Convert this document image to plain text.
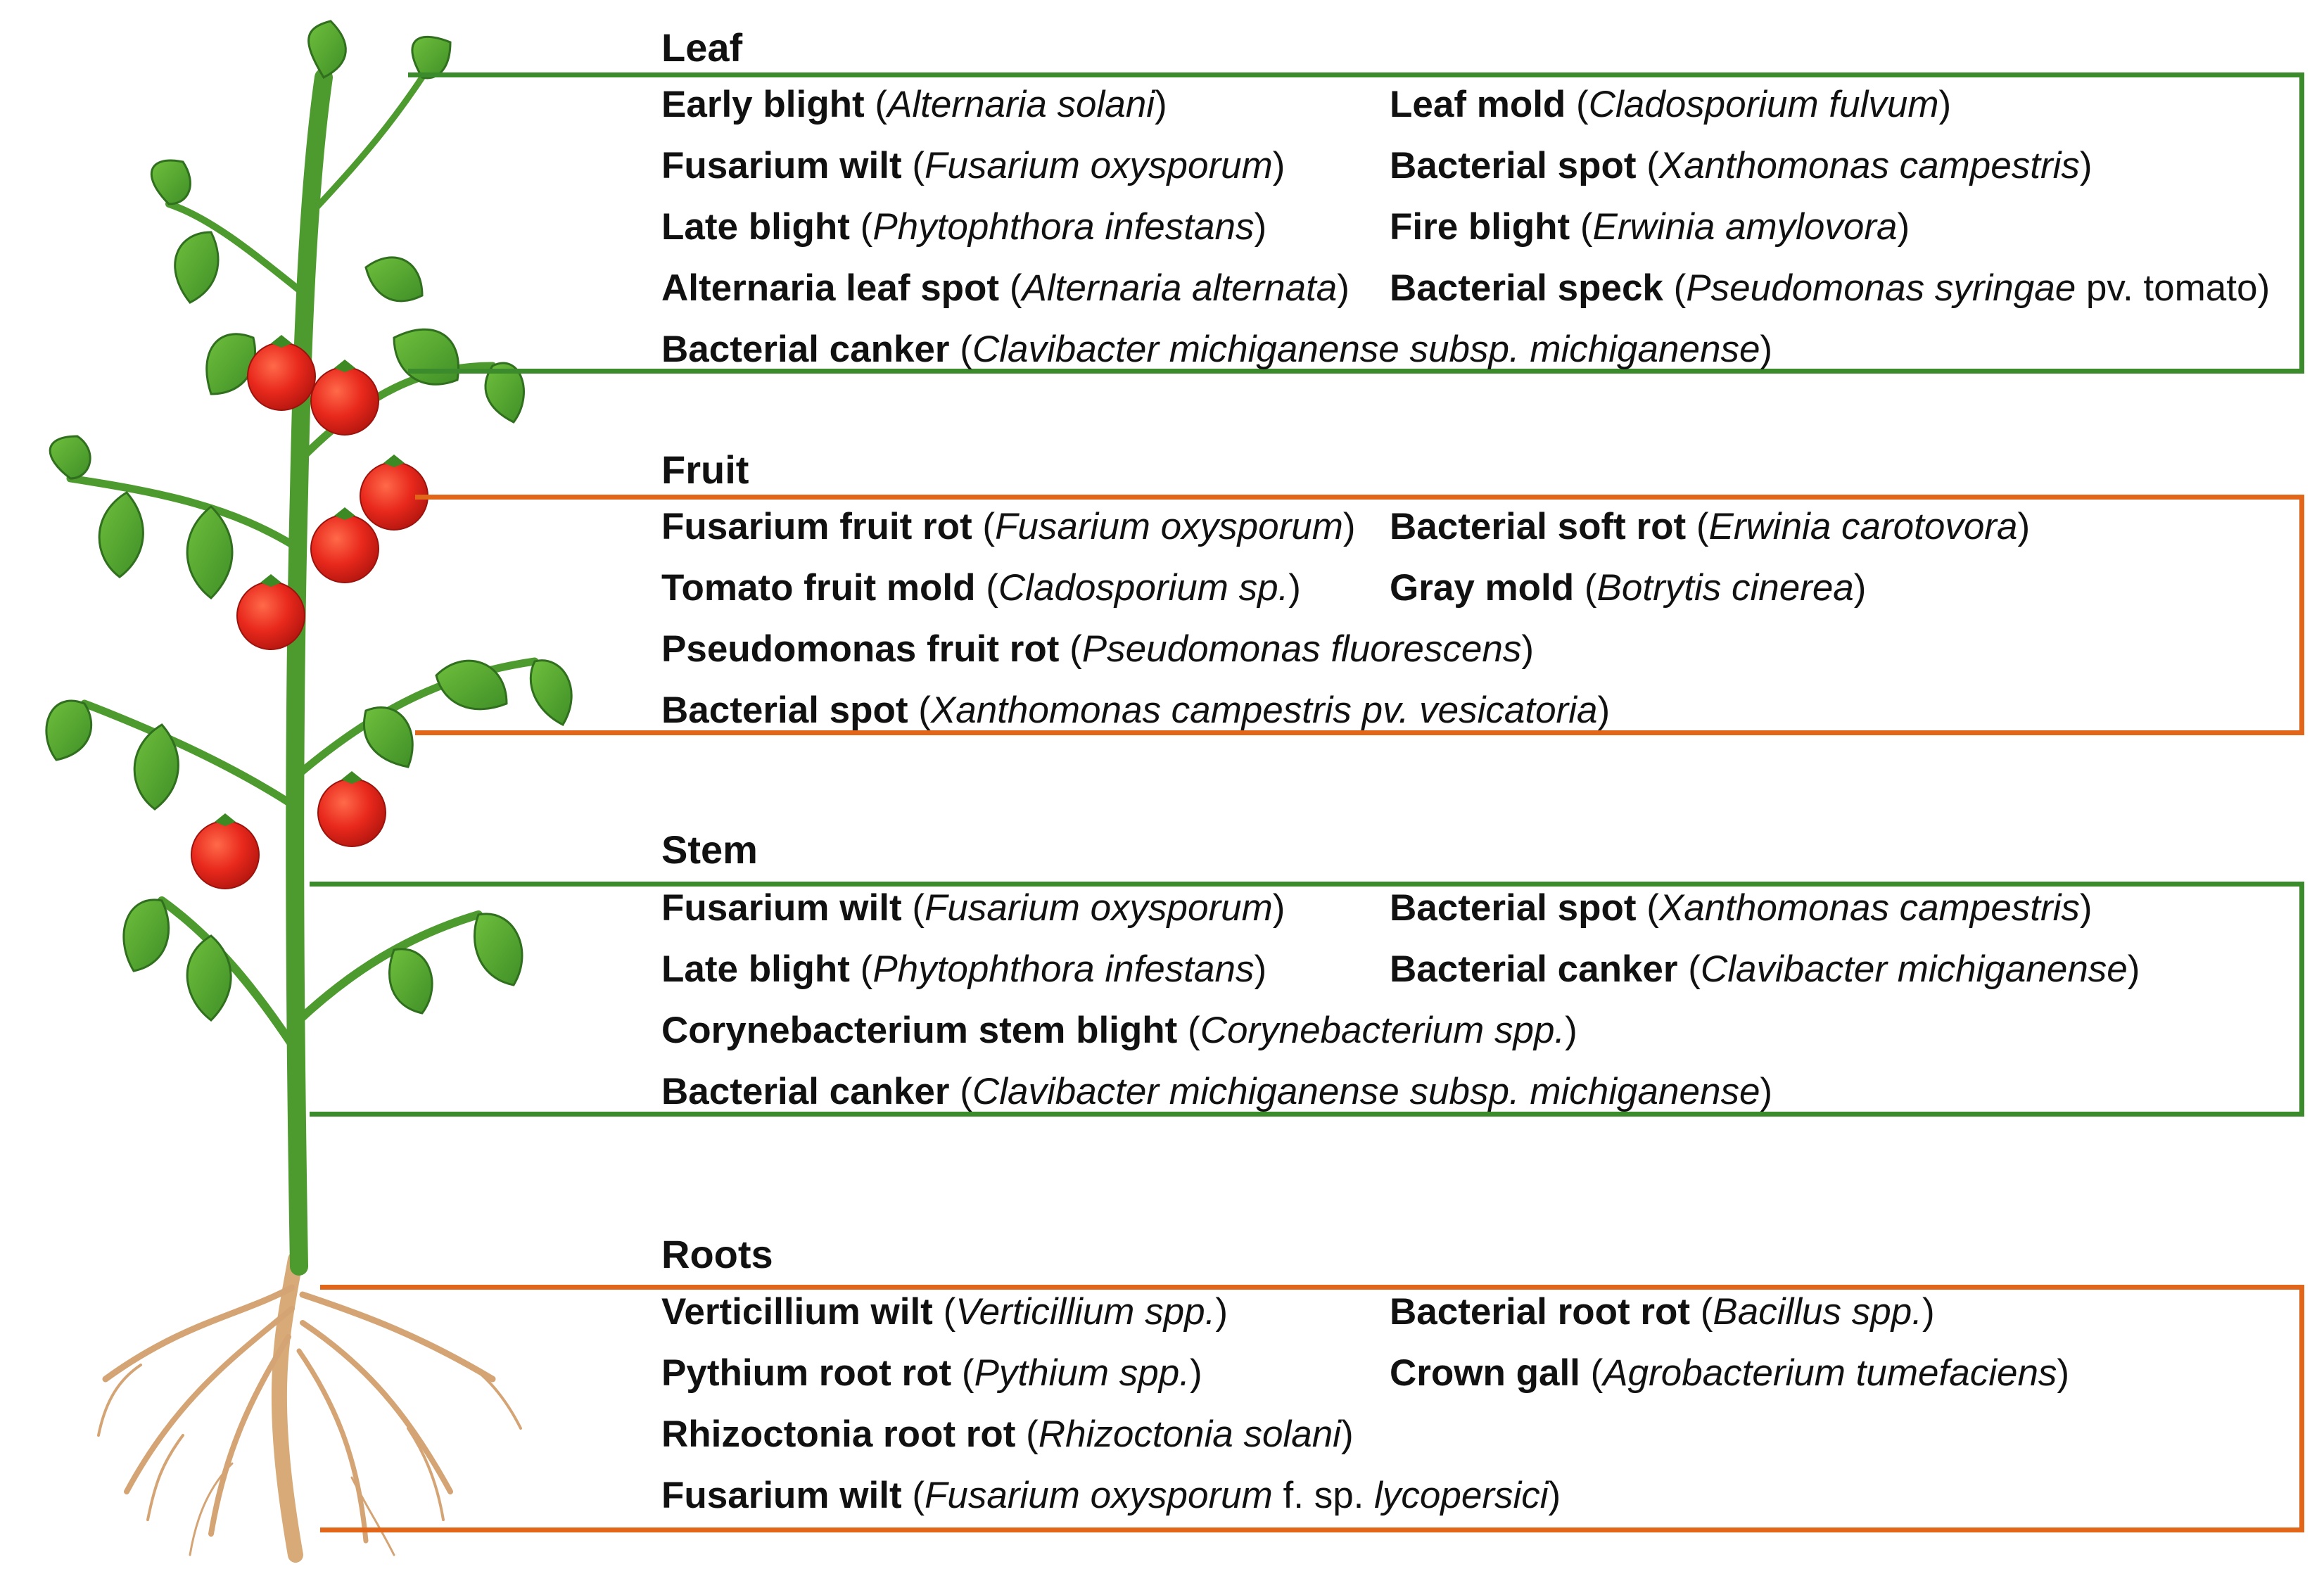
Leaf
Early blight (Alternaria solani)
Fusarium wilt (Fusarium oxysporum)
Late blight (Phytophthora infestans)
Alternaria leaf spot (Alternaria alternata)
Leaf mold (Cladosporium fulvum)
Bacterial spot (Xanthomonas campestris)
Fire blight (Erwinia amylovora)
Bacterial speck (Pseudomonas syringae pv. tomato)
Bacterial canker (Clavibacter michiganense subsp. michiganense)
Fruit
Fusarium fruit rot (Fusarium oxysporum)
Tomato fruit mold (Cladosporium sp.)
Bacterial soft rot (Erwinia carotovora)
Gray mold (Botrytis cinerea)
Pseudomonas fruit rot (Pseudomonas fluorescens)
Bacterial spot (Xanthomonas campestris pv. vesicatoria)
Stem
Fusarium wilt (Fusarium oxysporum)
Late blight (Phytophthora infestans)
Bacterial spot (Xanthomonas campestris)
Bacterial canker (Clavibacter michiganense)
Corynebacterium stem blight (Corynebacterium spp.)
Bacterial canker (Clavibacter michiganense subsp. michiganense)
Roots
Verticillium wilt (Verticillium spp.)
Pythium root rot (Pythium spp.)
Bacterial root rot (Bacillus spp.)
Crown gall (Agrobacterium tumefaciens)
Rhizoctonia root rot (Rhizoctonia solani)
Fusarium wilt (Fusarium oxysporum f. sp. lycopersici)
